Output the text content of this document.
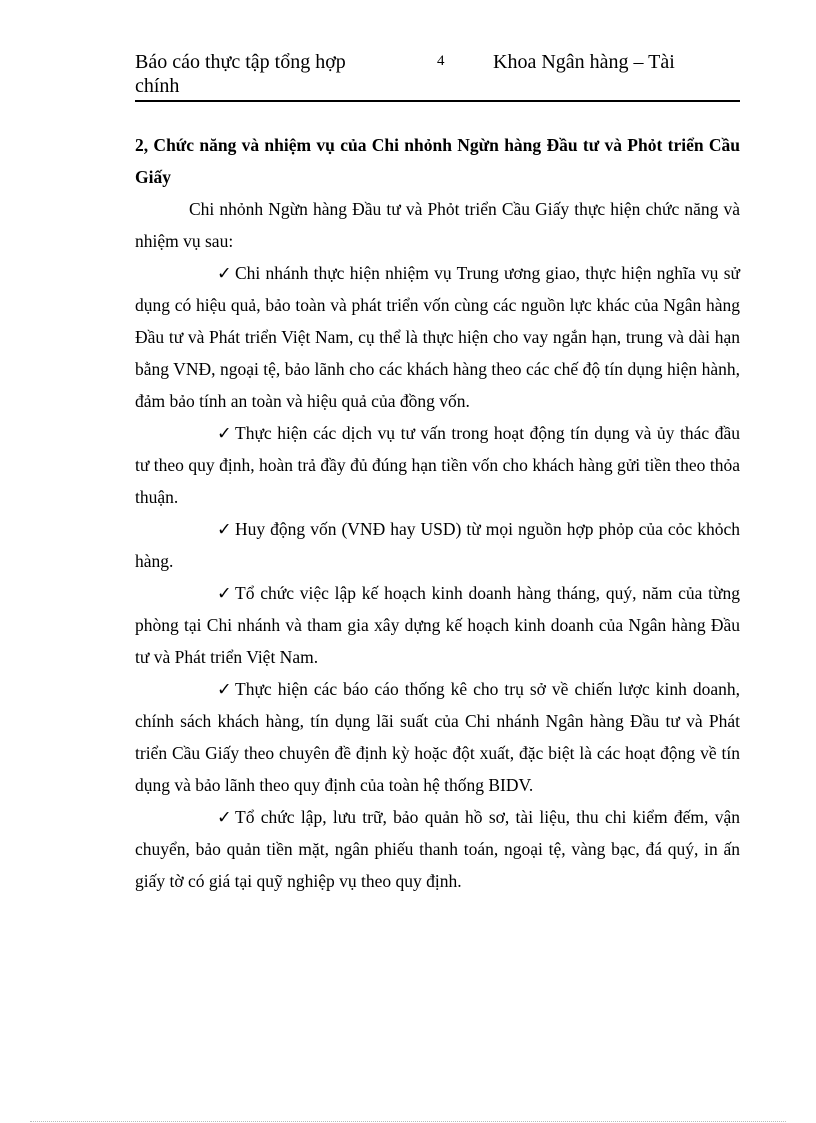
Báo cáo thực tập tổng hợp chính
4 Khoa Ngân hàng – Tài

2, Chức năng và nhiệm vụ của Chi nhỏnh Ngừn hàng Đầu tư và Phỏt triển Cầu Giấy

Chi nhỏnh Ngừn hàng Đầu tư và Phỏt triển Cầu Giấy thực hiện chức năng và nhiệm vụ sau:

✓ Chi nhánh thực hiện nhiệm vụ Trung ương giao, thực hiện nghĩa vụ sử dụng có hiệu quả, bảo toàn và phát triển vốn cùng các nguồn lực khác của Ngân hàng Đầu tư và Phát triển Việt Nam, cụ thể là thực hiện cho vay ngắn hạn, trung và dài hạn bằng VNĐ, ngoại tệ, bảo lãnh cho các khách hàng theo các chế độ tín dụng hiện hành, đảm bảo tính an toàn và hiệu quả của đồng vốn.

✓ Thực hiện các dịch vụ tư vấn trong hoạt động tín dụng và ủy thác đầu tư theo quy định, hoàn trả đầy đủ đúng hạn tiền vốn cho khách hàng gửi tiền theo thỏa thuận.

✓ Huy động vốn (VNĐ hay USD) từ mọi nguồn hợp phỏp của cỏc khỏch hàng.

✓ Tổ chức việc lập kế hoạch kinh doanh hàng tháng, quý, năm của từng phòng tại Chi nhánh và tham gia xây dựng kế hoạch kinh doanh của Ngân hàng Đầu tư và Phát triển Việt Nam.

✓ Thực hiện các báo cáo thống kê cho trụ sở về chiến lược kinh doanh, chính sách khách hàng, tín dụng lãi suất của Chi nhánh Ngân hàng Đầu tư và Phát triển Cầu Giấy theo chuyên đề định kỳ hoặc đột xuất, đặc biệt là các hoạt động về tín dụng và bảo lãnh theo quy định của toàn hệ thống BIDV.

✓ Tổ chức lập, lưu trữ, bảo quản hồ sơ, tài liệu, thu chi kiểm đếm, vận chuyển, bảo quản tiền mặt, ngân phiếu thanh toán, ngoại tệ, vàng bạc, đá quý, in ấn giấy tờ có giá tại quỹ nghiệp vụ theo quy định.
